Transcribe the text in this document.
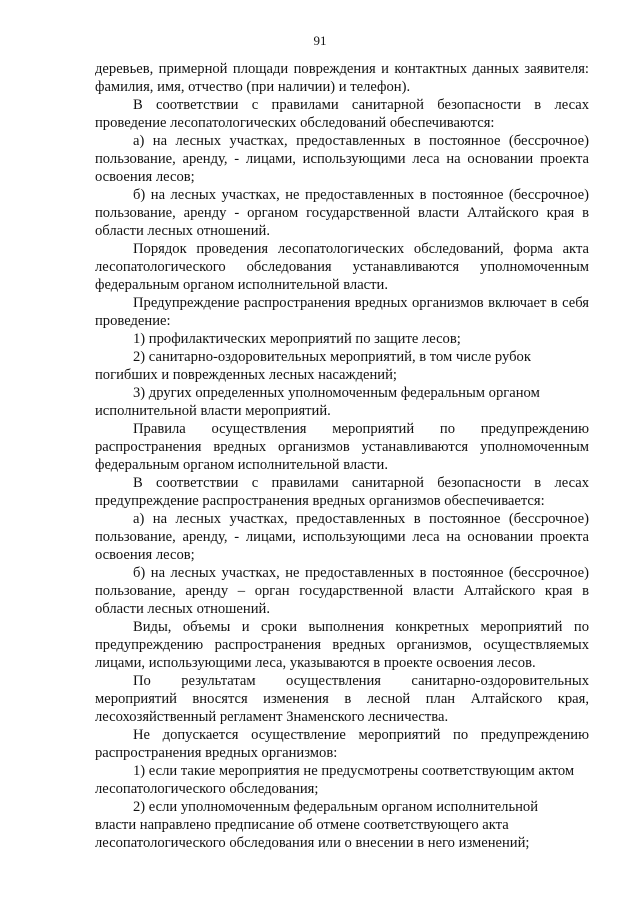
91

деревьев, примерной площади повреждения и контактных данных заявителя: фамилия, имя, отчество (при наличии) и телефон).

В соответствии с правилами санитарной безопасности в лесах проведение лесопатологических обследований обеспечиваются:

а) на лесных участках, предоставленных в постоянное (бессрочное) пользование, аренду, - лицами, использующими леса на основании проекта освоения лесов;

б) на лесных участках, не предоставленных в постоянное (бессрочное) пользование, аренду - органом государственной власти Алтайского края в области лесных отношений.

Порядок проведения лесопатологических обследований, форма акта лесопатологического обследования устанавливаются уполномоченным федеральным органом исполнительной власти.

Предупреждение распространения вредных организмов включает в себя проведение:

1) профилактических мероприятий по защите лесов;

2) санитарно-оздоровительных мероприятий, в том числе рубок погибших и поврежденных лесных насаждений;

3) других определенных уполномоченным федеральным органом исполнительной власти мероприятий.

Правила осуществления мероприятий по предупреждению распространения вредных организмов устанавливаются уполномоченным федеральным органом исполнительной власти.

В соответствии с правилами санитарной безопасности в лесах предупреждение распространения вредных организмов обеспечивается:

а) на лесных участках, предоставленных в постоянное (бессрочное) пользование, аренду, - лицами, использующими леса на основании проекта освоения лесов;

б) на лесных участках, не предоставленных в постоянное (бессрочное) пользование, аренду – орган государственной власти Алтайского края в области лесных отношений.

Виды, объемы и сроки выполнения конкретных мероприятий по предупреждению распространения вредных организмов, осуществляемых лицами, использующими леса, указываются в проекте освоения лесов.

По результатам осуществления санитарно-оздоровительных мероприятий вносятся изменения в лесной план Алтайского края, лесохозяйственный регламент Знаменского лесничества.

Не допускается осуществление мероприятий по предупреждению распространения вредных организмов:

1) если такие мероприятия не предусмотрены соответствующим актом лесопатологического обследования;

2) если уполномоченным федеральным органом исполнительной
власти направлено предписание об отмене соответствующего акта
лесопатологического обследования или о внесении в него изменений;
